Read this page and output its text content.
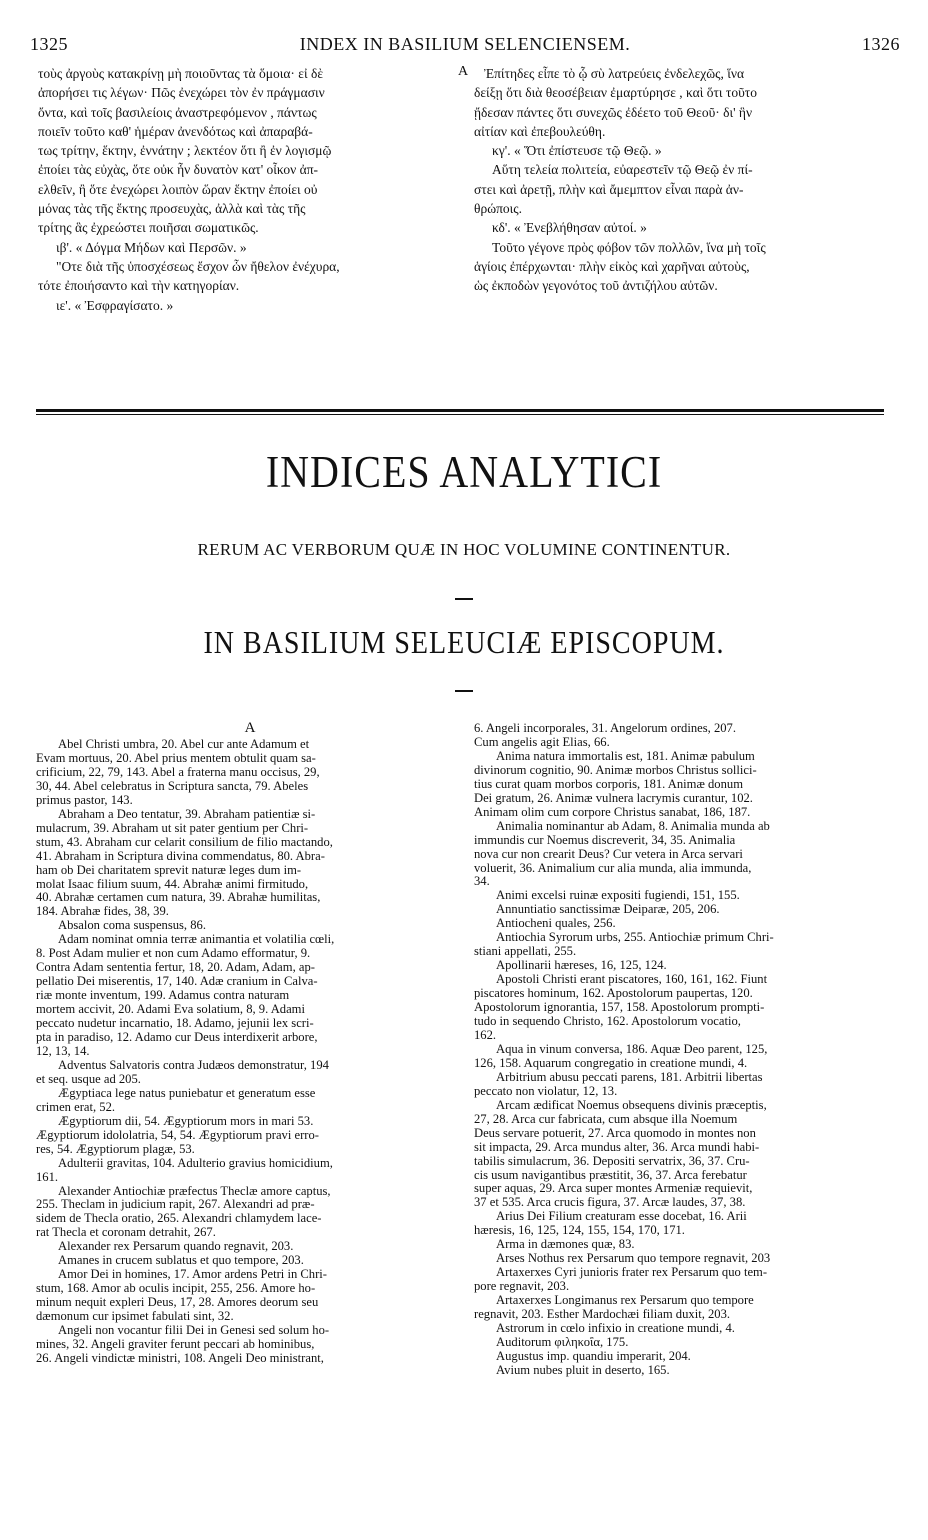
1325	INDEX IN BASILIUM SELENCIENSEM.	1326
τοὺς ἀργοὺς κατακρίνῃ μὴ ποιοῦντας τὰ ὅμοια· εἰ δὲ
ἀπορήσει τις λέγων· Πῶς ἐνεχώρει τὸν ἐν πράγμασιν
ὄντα, καὶ τοῖς βασιλείοις ἀναστρεφόμενον , πάντως
ποιεῖν τοῦτο καθ' ἡμέραν ἀνενδότως καὶ ἀπαραβά-
τως τρίτην, ἕκτην, ἐννάτην ; λεκτέον ὅτι ἢ ἐν λογισμῷ
ἐποίει τὰς εὐχὰς, ὅτε οὐκ ἦν δυνατὸν κατ' οἶκον ἀπ-
ελθεῖν, ἢ ὅτε ἐνεχώρει λοιπὸν ὥραν ἕκτην ἐποίει οὐ
μόνας τὰς τῆς ἕκτης προσευχὰς, ἀλλὰ καὶ τὰς τῆς
τρίτης ἃς ἐχρεώστει ποιῆσαι σωματικῶς.
ιβ'. « Δόγμα Μήδων καὶ Περσῶν. »
"Οτε διὰ τῆς ὑποσχέσεως ἔσχον ὧν ἤθελον ἐνέχυρα,
τότε ἐποιήσαντο καὶ τὴν κατηγορίαν.
ιε'. « Ἐσφραγίσατο. »
A	Ἐπίτηδες εἶπε τὸ ᾧ σὺ λατρεύεις ἐνδελεχῶς, ἵνα
δείξῃ ὅτι διὰ θεοσέβειαν ἐμαρτύρησε , καὶ ὅτι τοῦτο
ᾔδεσαν πάντες ὅτι συνεχῶς ἐδέετο τοῦ Θεοῦ· δι' ἣν
αἰτίαν καὶ ἐπεβουλεύθη.
κγ'. « Ὅτι ἐπίστευσε τῷ Θεῷ. »
Αὕτη τελεία πολιτεία, εὐαρεστεῖν τῷ Θεῷ ἐν πί-
στει καὶ ἀρετῇ, πλὴν καὶ ἄμεμπτον εἶναι παρὰ ἀν-
θρώποις.
κδ'. « Ἐνεβλήθησαν αὐτοί. »
Τοῦτο γέγονε πρὸς φόβον τῶν πολλῶν, ἵνα μὴ τοῖς
ἁγίοις ἐπέρχωνται· πλὴν εἰκὸς καὶ χαρῆναι αὐτοὺς,
ὡς ἐκποδὼν γεγονότος τοῦ ἀντιζήλου αὐτῶν.
INDICES ANALYTICI
RERUM AC VERBORUM QUÆ IN HOC VOLUMINE CONTINENTUR.
IN BASILIUM SELEUCIÆ EPISCOPUM.
A
Abel Christi umbra, 20. Abel cur ante Adamum et
Evam mortuus, 20. Abel prius mentem obtulit quam sa-
crificium, 22, 79, 143. Abel a fraterna manu occisus, 29,
30, 44. Abel celebratus in Scriptura sancta, 79. Abeles
primus pastor, 143.
Abraham a Deo tentatur, 39. Abraham patientiæ si-
mulacrum, 39. Abraham ut sit pater gentium per Chri-
stum, 43. Abraham cur celarit consilium de filio mactando,
41. Abraham in Scriptura divina commendatus, 80. Abra-
ham ob Dei charitatem sprevit naturæ leges dum im-
molat Isaac filium suum, 44. Abrahæ animi firmitudo,
40. Abrahæ certamen cum natura, 39. Abrahæ humilitas,
184. Abrahæ fides, 38, 39.
Absalon coma suspensus, 86.
Adam nominat omnia terræ animantia et volatilia cœli,
8. Post Adam mulier et non cum Adamo efformatur, 9.
Contra Adam sententia fertur, 18, 20. Adam, Adam, ap-
pellatio Dei miserentis, 17, 140. Adæ cranium in Calva-
riæ monte inventum, 199. Adamus contra naturam
mortem accivit, 20. Adami Eva solatium, 8, 9. Adami
peccato nudetur incarnatio, 18. Adamo, jejunii lex scri-
pta in paradiso, 12. Adamo cur Deus interdixerit arbore,
12, 13, 14.
Adventus Salvatoris contra Judæos demonstratur, 194
et seq. usque ad 205.
Ægyptiaca lege natus puniebatur et generatum esse
crimen erat, 52.
Ægyptiorum dii, 54. Ægyptiorum mors in mari 53.
Ægyptiorum idololatria, 54, 54. Ægyptiorum pravi erro-
res, 54. Ægyptiorum plagæ, 53.
Adulterii gravitas, 104. Adulterio gravius homicidium,
161.
Alexander Antiochiæ præfectus Theclæ amore captus,
255. Theclam in judicium rapit, 267. Alexandri ad præ-
sidem de Thecla oratio, 265. Alexandri chlamydem lace-
rat Thecla et coronam detrahit, 267.
Alexander rex Persarum quando regnavit, 203.
Amanes in crucem sublatus et quo tempore, 203.
Amor Dei in homines, 17. Amor ardens Petri in Chri-
stum, 168. Amor ab oculis incipit, 255, 256. Amore ho-
minum nequit expleri Deus, 17, 28. Amores deorum seu
dæmonum cur ipsimet fabulati sint, 32.
Angeli non vocantur filii Dei in Genesi sed solum ho-
mines, 32. Angeli graviter ferunt peccari ab hominibus,
26. Angeli vindictæ ministri, 108. Angeli Deo ministrant,
6. Angeli incorporales, 31. Angelorum ordines, 207.
Cum angelis agit Elias, 66.
Anima natura immortalis est, 181. Animæ pabulum
divinorum cognitio, 90. Animæ morbos Christus sollici-
tius curat quam morbos corporis, 181. Animæ donum
Dei gratum, 26. Animæ vulnera lacrymis curantur, 102.
Animam olim cum corpore Christus sanabat, 186, 187.
Animalia nominantur ab Adam, 8. Animalia munda ab
immundis cur Noemus discreverit, 34, 35. Animalia
nova cur non crearit Deus? Cur vetera in Arca servari
voluerit, 36. Animalium cur alia munda, alia immunda,
34.
Animi excelsi ruinæ expositi fugiendi, 151, 155.
Annuntiatio sanctissimæ Deiparæ, 205, 206.
Antiocheni quales, 256.
Antiochia Syrorum urbs, 255. Antiochiæ primum Chri-
stiani appellati, 255.
Apollinarii hæreses, 16, 125, 124.
Apostoli Christi erant piscatores, 160, 161, 162. Fiunt
piscatores hominum, 162. Apostolorum paupertas, 120.
Apostolorum ignorantia, 157, 158. Apostolorum prompti-
tudo in sequendo Christo, 162. Apostolorum vocatio,
162.
Aqua in vinum conversa, 186. Aquæ Deo parent, 125,
126, 158. Aquarum congregatio in creatione mundi, 4.
Arbitrium abusu peccati parens, 181. Arbitrii libertas
peccato non violatur, 12, 13.
Arcam ædificat Noemus obsequens divinis præceptis,
27, 28. Arca cur fabricata, cum absque illa Noemum
Deus servare potuerit, 27. Arca quomodo in montes non
sit impacta, 29. Arca mundus alter, 36. Arca mundi habi-
tabilis simulacrum, 36. Depositi servatrix, 36, 37. Cru-
cis usum navigantibus præstitit, 36, 37. Arca ferebatur
super aquas, 29. Arca super montes Armeniæ requievit,
37 et 535. Arca crucis figura, 37. Arcæ laudes, 37, 38.
Arius Dei Filium creaturam esse docebat, 16. Arii
hæresis, 16, 125, 124, 155, 154, 170, 171.
Arma in dæmones quæ, 83.
Arses Nothus rex Persarum quo tempore regnavit, 203
Artaxerxes Cyri junioris frater rex Persarum quo tem-
pore regnavit, 203.
Artaxerxes Longimanus rex Persarum quo tempore
regnavit, 203. Esther Mardochæi filiam duxit, 203.
Astrorum in cœlo infixio in creatione mundi, 4.
Auditorum φιληκοΐα, 175.
Augustus imp. quandiu imperarit, 204.
Avium nubes pluit in deserto, 165.
